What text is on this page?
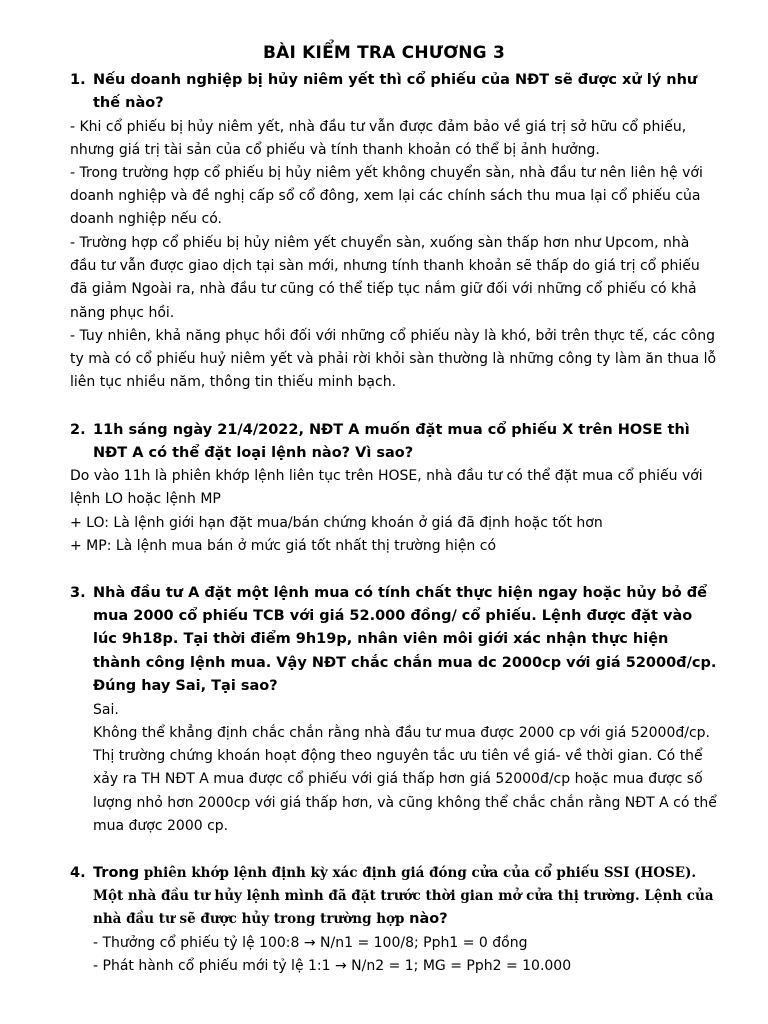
BÀI KIỂM TRA CHƯƠNG 3
1. Nếu doanh nghiệp bị hủy niêm yết thì cổ phiếu của NĐT sẽ được xử lý như thế nào?
- Khi cổ phiếu bị hủy niêm yết, nhà đầu tư vẫn được đảm bảo về giá trị sở hữu cổ phiếu, nhưng giá trị tài sản của cổ phiếu và tính thanh khoản có thể bị ảnh hưởng.
- Trong trường hợp cổ phiếu bị hủy niêm yết không chuyển sàn, nhà đầu tư nên liên hệ với doanh nghiệp và đề nghị cấp sổ cổ đông, xem lại các chính sách thu mua lại cổ phiếu của doanh nghiệp nếu có.
- Trường hợp cổ phiếu bị hủy niêm yết chuyển sàn, xuống sàn thấp hơn như Upcom, nhà đầu tư vẫn được giao dịch tại sàn mới, nhưng tính thanh khoản sẽ thấp do giá trị cổ phiếu đã giảm Ngoài ra, nhà đầu tư cũng có thể tiếp tục nắm giữ đối với những cổ phiếu có khả năng phục hồi.
- Tuy nhiên, khả năng phục hồi đối với những cổ phiếu này là khó, bởi trên thực tế, các công ty mà có cổ phiếu huỷ niêm yết và phải rời khỏi sàn thường là những công ty làm ăn thua lỗ liên tục nhiều năm, thông tin thiếu minh bạch.
2. 11h sáng ngày 21/4/2022, NĐT A muốn đặt mua cổ phiếu X trên HOSE thì NĐT A có thể đặt loại lệnh nào? Vì sao?
Do vào 11h là phiên khớp lệnh liên tục trên HOSE, nhà đầu tư có thể đặt mua cổ phiếu với lệnh LO hoặc lệnh MP
+ LO: Là lệnh giới hạn đặt mua/bán chứng khoán ở giá đã định hoặc tốt hơn
+ MP: Là lệnh mua bán ở mức giá tốt nhất thị trường hiện có
3. Nhà đầu tư A đặt một lệnh mua có tính chất thực hiện ngay hoặc hủy bỏ để mua 2000 cổ phiếu TCB với giá 52.000 đồng/ cổ phiếu. Lệnh được đặt vào lúc 9h18p. Tại thời điểm 9h19p, nhân viên môi giới xác nhận thực hiện thành công lệnh mua. Vậy NĐT chắc chắn mua dc 2000cp với giá 52000đ/cp. Đúng hay Sai, Tại sao?
Sai.
Không thể khẳng định chắc chắn rằng nhà đầu tư mua được 2000 cp với giá 52000đ/cp. Thị trường chứng khoán hoạt động theo nguyên tắc ưu tiên về giá- về thời gian. Có thể xảy ra TH NĐT A mua được cổ phiếu với giá thấp hơn giá 52000đ/cp hoặc mua được số lượng nhỏ hơn 2000cp với giá thấp hơn, và cũng không thể chắc chắn rằng NĐT A có thể mua được 2000 cp.
4. Trong phiên khớp lệnh định kỳ xác định giá đóng cửa của cổ phiếu SSI (HOSE). Một nhà đầu tư hủy lệnh mình đã đặt trước thời gian mở cửa thị trường. Lệnh của nhà đầu tư sẽ được hủy trong trường hợp nào?
- Thưởng cổ phiếu tỷ lệ 100:8 → N/n1 = 100/8; Pph1 = 0 đồng
- Phát hành cổ phiếu mới tỷ lệ 1:1 → N/n2 = 1; MG = Pph2 = 10.000
